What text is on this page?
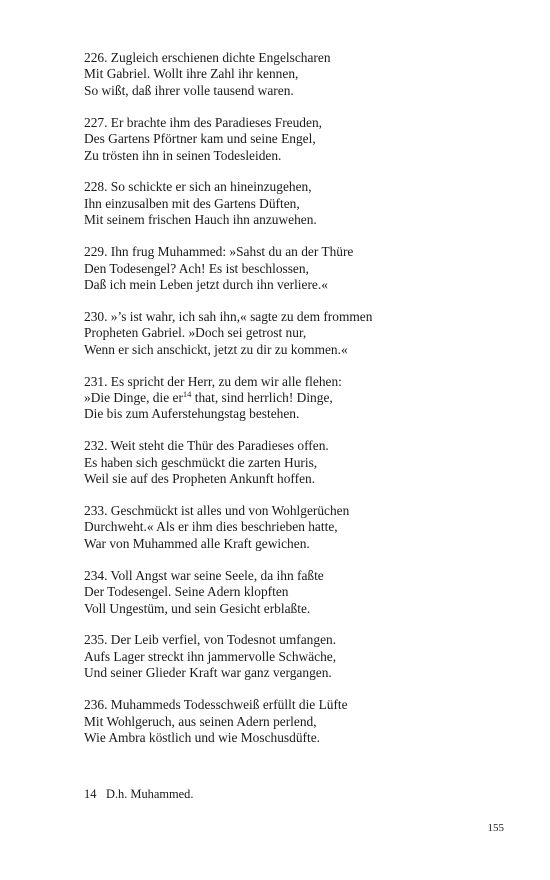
226. Zugleich erschienen dichte Engelscharen
Mit Gabriel. Wollt ihre Zahl ihr kennen,
So wißt, daß ihrer volle tausend waren.
227. Er brachte ihm des Paradieses Freuden,
Des Gartens Pförtner kam und seine Engel,
Zu trösten ihn in seinen Todesleiden.
228. So schickte er sich an hineinzugehen,
Ihn einzusalben mit des Gartens Düften,
Mit seinem frischen Hauch ihn anzuwehen.
229. Ihn frug Muhammed: »Sahst du an der Thüre
Den Todesengel? Ach! Es ist beschlossen,
Daß ich mein Leben jetzt durch ihn verliere.«
230. »’s ist wahr, ich sah ihn,« sagte zu dem frommen
Propheten Gabriel. »Doch sei getrost nur,
Wenn er sich anschickt, jetzt zu dir zu kommen.«
231. Es spricht der Herr, zu dem wir alle flehen:
»Die Dinge, die $er^{14}$ that, sind herrlich! Dinge,
Die bis zum Auferstehungstag bestehen.
232. Weit steht die Thür des Paradieses offen.
Es haben sich geschmückt die zarten Huris,
Weil sie auf des Propheten Ankunft hoffen.
233. Geschmückt ist alles und von Wohlgerüchen
Durchweht.« Als er ihm dies beschrieben hatte,
War von Muhammed alle Kraft gewichen.
234. Voll Angst war seine Seele, da ihn faßte
Der Todesengel. Seine Adern klopften
Voll Ungestüm, und sein Gesicht erblaßte.
235. Der Leib verfiel, von Todesnot umfangen.
Aufs Lager streckt ihn jammervolle Schwäche,
Und seiner Glieder Kraft war ganz vergangen.
236. Muhammeds Todesschweiß erfüllt die Lüfte
Mit Wohlgeruch, aus seinen Adern perlend,
Wie Ambra köstlich und wie Moschusdüfte.
14 D.h. Muhammed.
155
